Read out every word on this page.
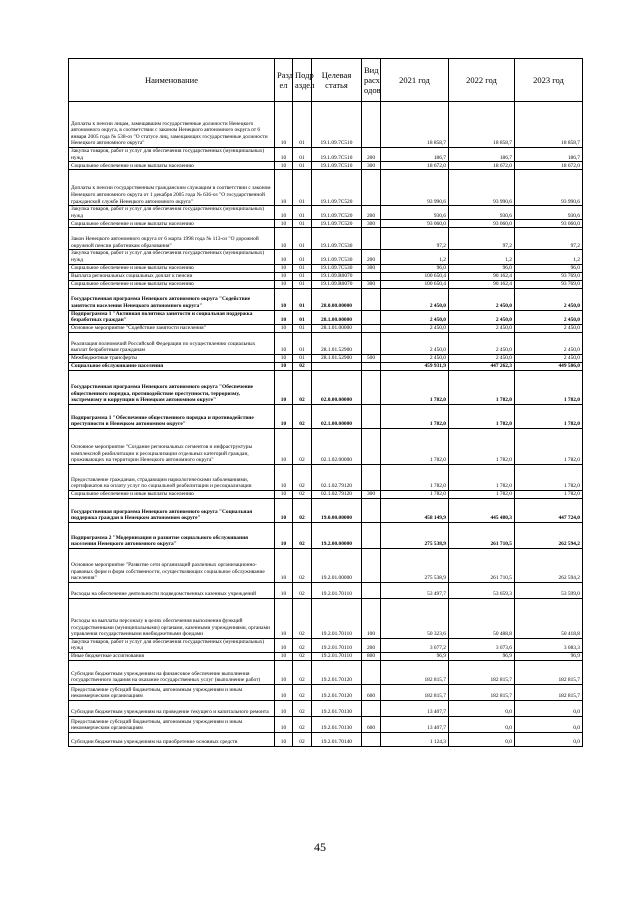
Наименование	Разд ел	Подр аздел	Целевая статья	Вид расх одов	2021 год	2022 год	2023 год
Доплаты к пенсии лицам, замещавшим государственные должности Ненецкого автономного округа, в соответствии с законом Ненецкого автономного округа от 6 января 2005 года № 538-оз "О статусе лиц, замещающих государственные должности Ненецкого автономного округа"	10	01	19.1.09.7С510		18 858,7	18 858,7	18 858,7
Закупка товаров, работ и услуг для обеспечения государственных (муниципальных) нужд	10	01	19.1.09.7С510	200	186,7	186,7	186,7
Социальное обеспечение и иные выплаты населению	10	01	19.1.09.7С510	300	18 672,0	18 672,0	18 672,0
Доплаты к пенсии государственным гражданским служащим в соответствии с законом Ненецкого автономного округа от 1 декабря 2005 года № 636-оз "О государственной гражданской службе Ненецкого автономного округа"	10	01	19.1.09.7С520		93 990,6	93 990,6	93 990,6
Закупка товаров, работ и услуг для обеспечения государственных (муниципальных) нужд	10	01	19.1.09.7С520	200	930,6	930,6	930,6
Социальное обеспечение и иные выплаты населению	10	01	19.1.09.7С520	300	93 060,0	93 060,0	93 060,0
Закон Ненецкого автономного округа от 6 марта 1998 года № 113-оз "О дорожной окружной пенсии работникам образования"	10	01	19.1.09.7С530		97,2	97,2	97,2
Закупка товаров, работ и услуг для обеспечения государственных (муниципальных) нужд	10	01	19.1.09.7С530	200	1,2	1,2	1,2
Социальное обеспечение и иные выплаты населению	10	01	19.1.09.7С530	300	96,0	96,0	96,0
Выплата региональных социальных доплат к пенсии	10	01	19.1.09.R0070		100 650,4	90 162,4	93 769,0
Социальное обеспечение и иные выплаты населению	10	01	19.1.09.R0070	300	100 650,4	90 162,4	93 769,0
Государственная программа Ненецкого автономного округа "Содействие занятости населения Ненецкого автономного округа"	10	01	28.0.00.00000		2 450,0	2 450,0	2 450,0
Подпрограмма 1 "Активная политика занятости и социальная поддержка безработных граждан"	10	01	28.1.00.00000		2 450,0	2 450,0	2 450,0
Основное мероприятие "Содействие занятости населения"	10	01	28.1.01.00000		2 450,0	2 450,0	2 450,0
Реализация полномочий Российской Федерации по осуществлению социальных выплат безработным гражданам	10	01	28.1.01.52900		2 450,0	2 450,0	2 450,0
Межбюджетные трансферты	10	01	28.1.01.52900	500	2 450,0	2 450,0	2 450,0
Социальное обслуживание населения	10	02			459 931,9	447 262,3	449 506,0
Государственная программа Ненецкого автономного округа "Обеспечение общественного порядка, противодействие преступности, терроризму, экстремизму и коррупции в Ненецком автономном округе"	10	02	02.0.00.00000		1 782,0	1 782,0	1 782,0
Подпрограмма 1 "Обеспечение общественного порядка и противодействие преступности в Ненецком автономном округе"	10	02	02.1.00.00000		1 782,0	1 782,0	1 782,0
Основное мероприятие "Создание региональных сегментов и инфраструктуры комплексной реабилитации и ресоциализации отдельных категорий граждан, проживающих на территории Ненецкого автономного округа"	10	02	02.1.02.00000		1 782,0	1 782,0	1 782,0
Предоставление гражданам, страдающим наркологическими заболеваниями, сертификатов на оплату услуг по социальной реабилитации и ресоциализации	10	02	02.1.02.79120		1 782,0	1 782,0	1 782,0
Социальное обеспечение и иные выплаты населению	10	02	02.1.02.79120	300	1 782,0	1 782,0	1 782,0
Государственная программа Ненецкого автономного округа "Социальная поддержка граждан в Ненецком автономном округе"	10	02	19.0.00.00000		458 149,9	445 480,3	447 724,0
Подпрограмма 2 "Модернизация и развитие социального обслуживания населения Ненецкого автономного округа"	10	02	19.2.00.00000		275 538,9	261 710,5	262 594,2
Основное мероприятие "Развитие сети организаций различных организационно-правовых форм и форм собственности, осуществляющих социальное обслуживание населения"	10	02	19.2.01.00000		275 538,9	261 710,5	262 594,2
Расходы на обеспечение деятельности подведомственных казенных учреждений	10	02	19.2.01.70110		53 497,7	53 659,3	53 599,0
Расходы на выплаты персоналу в целях обеспечения выполнения функций государственными (муниципальными) органами, казенными учреждениями, органами управления государственными внебюджетными фондами	10	02	19.2.01.70110	100	50 323,6	50 488,8	50 418,8
Закупка товаров, работ и услуг для обеспечения государственных (муниципальных) нужд	10	02	19.2.01.70110	200	3 077,2	3 073,6	3 083,3
Иные бюджетные ассигнования	10	02	19.2.01.70110	800	96,9	96,9	96,9
Субсидии бюджетным учреждениям на финансовое обеспечение выполнения государственного задания на оказание государственных услуг (выполнение работ)	10	02	19.2.01.70120		182 815,7	182 815,7	182 815,7
Предоставление субсидий бюджетным, автономным учреждениям и иным некоммерческим организациям	10	02	19.2.01.70120	600	182 815,7	182 815,7	182 815,7
Субсидии бюджетным учреждениям на проведение текущего и капитального ремонта	10	02	19.2.01.70130		13 407,7	0,0	0,0
Предоставление субсидий бюджетным, автономным учреждениям и иным некоммерческим организациям	10	02	19.2.01.70130	600	13 407,7	0,0	0,0
Субсидии бюджетным учреждениям на приобретение основных средств	10	02	19.2.01.70140		1 124,3	0,0	0,0
45
